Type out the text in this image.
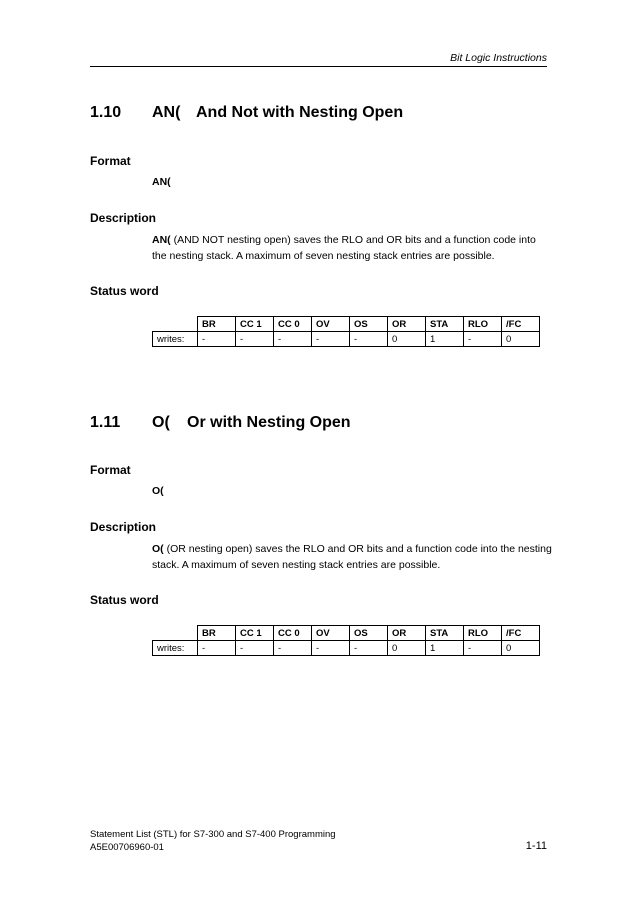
Bit Logic Instructions
1.10 AN( And Not with Nesting Open
Format
AN(
Description
AN( (AND NOT nesting open) saves the RLO and OR bits and a function code into the nesting stack. A maximum of seven nesting stack entries are possible.
Status word
	BR	CC 1	CC 0	OV	OS	OR	STA	RLO	/FC
writes:	-	-	-	-	-	0	1	-	0
1.11 O( Or with Nesting Open
Format
O(
Description
O( (OR nesting open) saves the RLO and OR bits and a function code into the nesting stack. A maximum of seven nesting stack entries are possible.
Status word
	BR	CC 1	CC 0	OV	OS	OR	STA	RLO	/FC
writes:	-	-	-	-	-	0	1	-	0
Statement List (STL) for S7-300 and S7-400 Programming
A5E00706960-01	1-11
